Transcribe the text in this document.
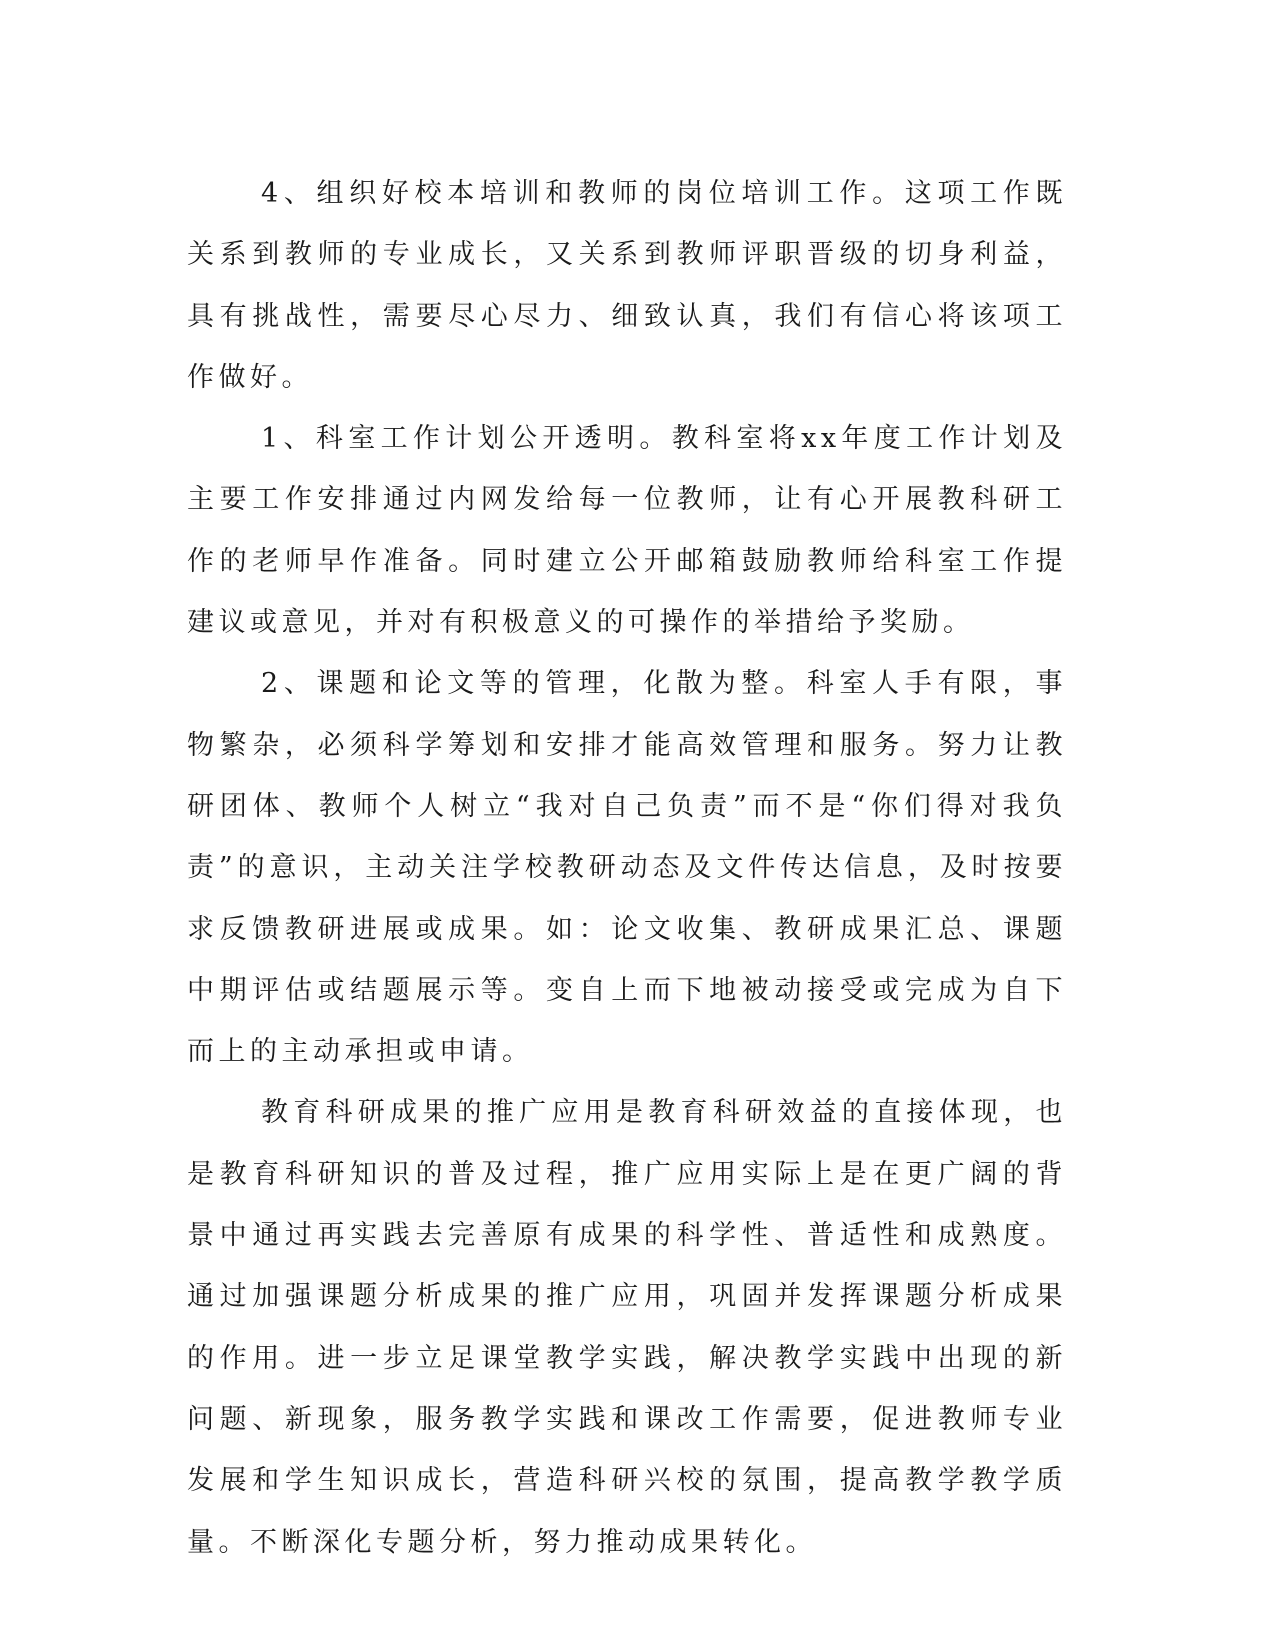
4、组织好校本培训和教师的岗位培训工作。这项工作既关系到教师的专业成长，又关系到教师评职晋级的切身利益，具有挑战性，需要尽心尽力、细致认真，我们有信心将该项工作做好。

1、科室工作计划公开透明。教科室将xx年度工作计划及主要工作安排通过内网发给每一位教师，让有心开展教科研工作的老师早作准备。同时建立公开邮箱鼓励教师给科室工作提建议或意见，并对有积极意义的可操作的举措给予奖励。

2、课题和论文等的管理，化散为整。科室人手有限，事物繁杂，必须科学筹划和安排才能高效管理和服务。努力让教研团体、教师个人树立“我对自己负责”而不是“你们得对我负责”的意识，主动关注学校教研动态及文件传达信息，及时按要求反馈教研进展或成果。如：论文收集、教研成果汇总、课题中期评估或结题展示等。变自上而下地被动接受或完成为自下而上的主动承担或申请。

教育科研成果的推广应用是教育科研效益的直接体现，也是教育科研知识的普及过程，推广应用实际上是在更广阔的背景中通过再实践去完善原有成果的科学性、普适性和成熟度。通过加强课题分析成果的推广应用，巩固并发挥课题分析成果的作用。进一步立足课堂教学实践，解决教学实践中出现的新问题、新现象，服务教学实践和课改工作需要，促进教师专业发展和学生知识成长，营造科研兴校的氛围，提高教学教学质量。不断深化专题分析，努力推动成果转化。
